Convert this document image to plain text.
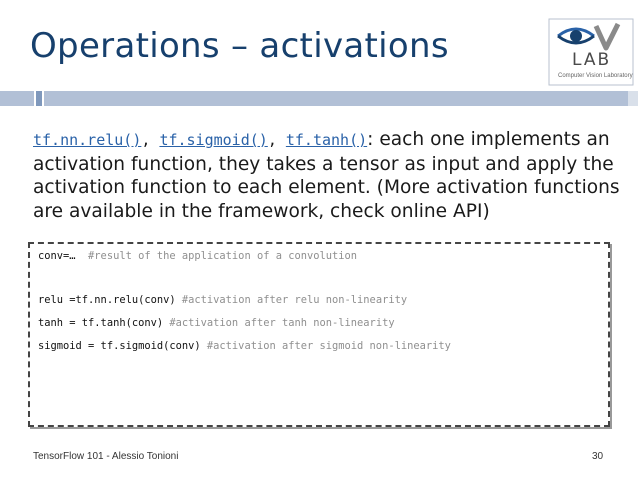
Operations – activations	LAB
Computer Vision Laboratory
tf.nn.relu(), tf.sigmoid(), tf.tanh(): each one implements an activation function, they takes a tensor as input and apply the activation function to each element. (More activation functions are available in the framework, check online API)
conv=…  #result of the application of a convolution
relu =tf.nn.relu(conv) #activation after relu non-linearity
tanh = tf.tanh(conv) #activation after tanh non-linearity
sigmoid = tf.sigmoid(conv) #activation after sigmoid non-linearity
TensorFlow 101 - Alessio Tonioni	30
